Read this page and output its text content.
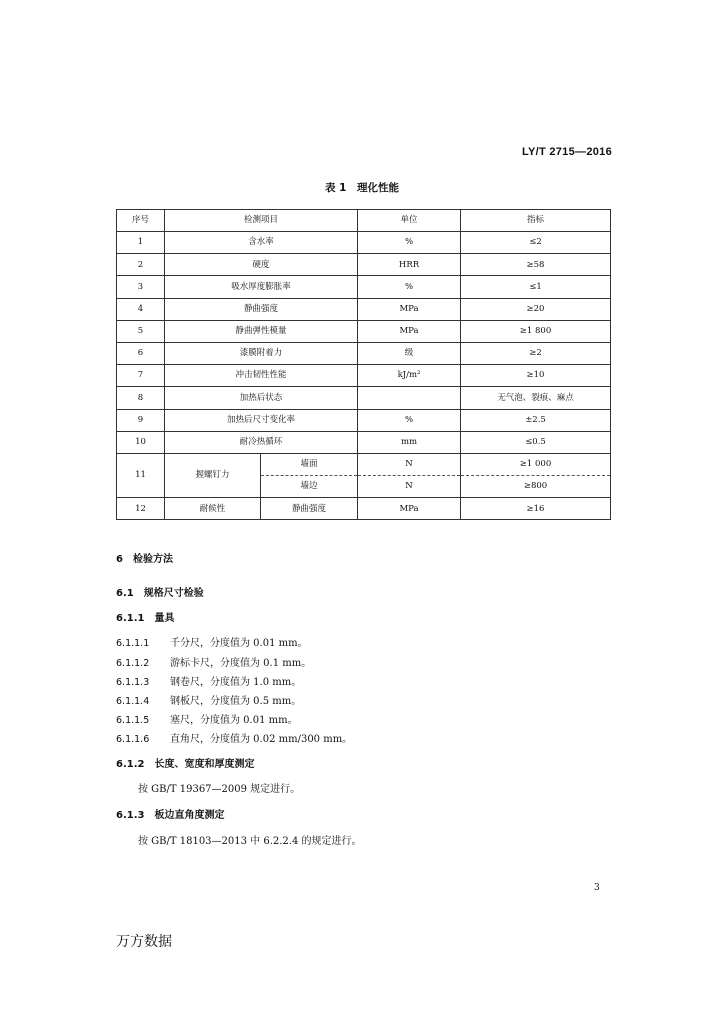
LY/T 2715—2016
表 1　理化性能
序号	检测项目		单位	指标
1	含水率		%	≤2
2	硬度		HRR	≥58
3	吸水厚度膨胀率		%	≤1
4	静曲强度		MPa	≥20
5	静曲弹性模量		MPa	≥1 800
6	漆膜附着力		级	≥2
7	冲击韧性性能		kJ/m²	≥10
8	加热后状态			无气泡、裂痕、麻点
9	加热后尺寸变化率		%	±2.5
10	耐冷热循环		mm	≤0.5
11	握螺钉力	墙面	N	≥1 000
		墙边	N	≥800
12	耐候性	静曲强度	MPa	≥16
6　检验方法
6.1　规格尺寸检验
6.1.1　量具
6.1.1.1 千分尺，分度值为 0.01 mm。
6.1.1.2 游标卡尺，分度值为 0.1 mm。
6.1.1.3 钢卷尺，分度值为 1.0 mm。
6.1.1.4 钢板尺，分度值为 0.5 mm。
6.1.1.5 塞尺，分度值为 0.01 mm。
6.1.1.6 直角尺，分度值为 0.02 mm/300 mm。
6.1.2　长度、宽度和厚度测定
按 GB/T 19367—2009 规定进行。
6.1.3　板边直角度测定
按 GB/T 18103—2013 中 6.2.2.4 的规定进行。
3
万方数据
